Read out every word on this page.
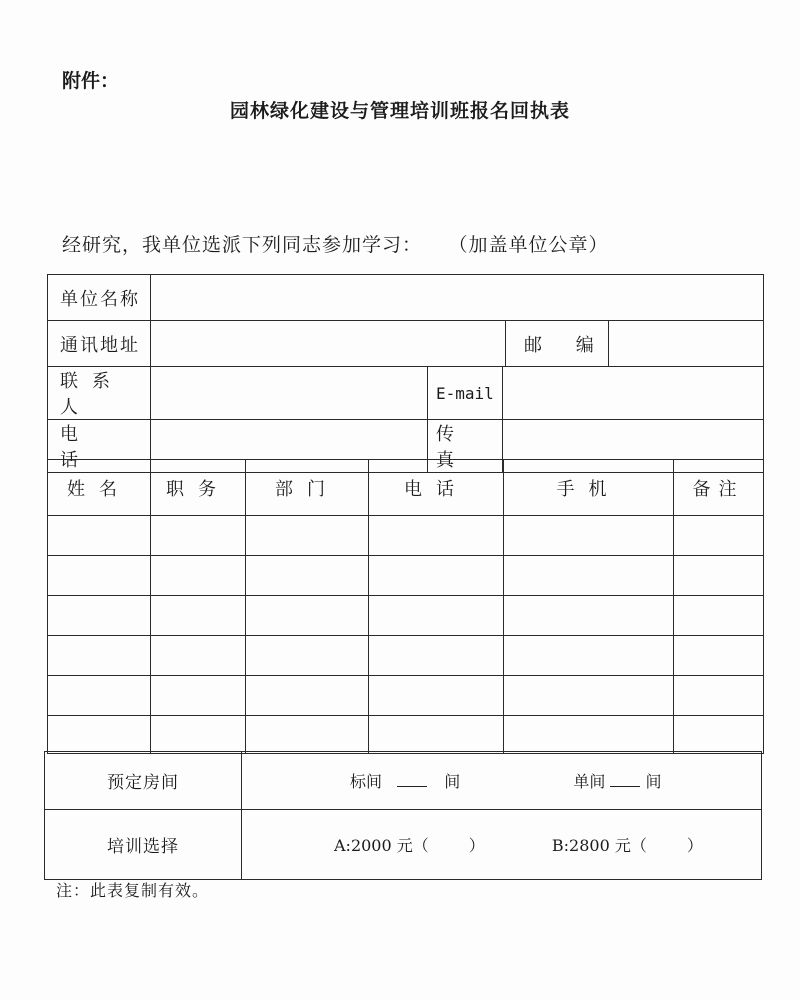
附件：
园林绿化建设与管理培训班报名回执表
经研究，我单位选派下列同志参加学习： （加盖单位公章）
单位名称					
通讯地址				邮 编	
联系人		E-mail			
电 话		传 真			
姓名	职务	部门	电话	手机	备注

预定房间	标间 间 单间 间
培训选择	A:2000 元（ ） B:2800 元（ ）
注：此表复制有效。
